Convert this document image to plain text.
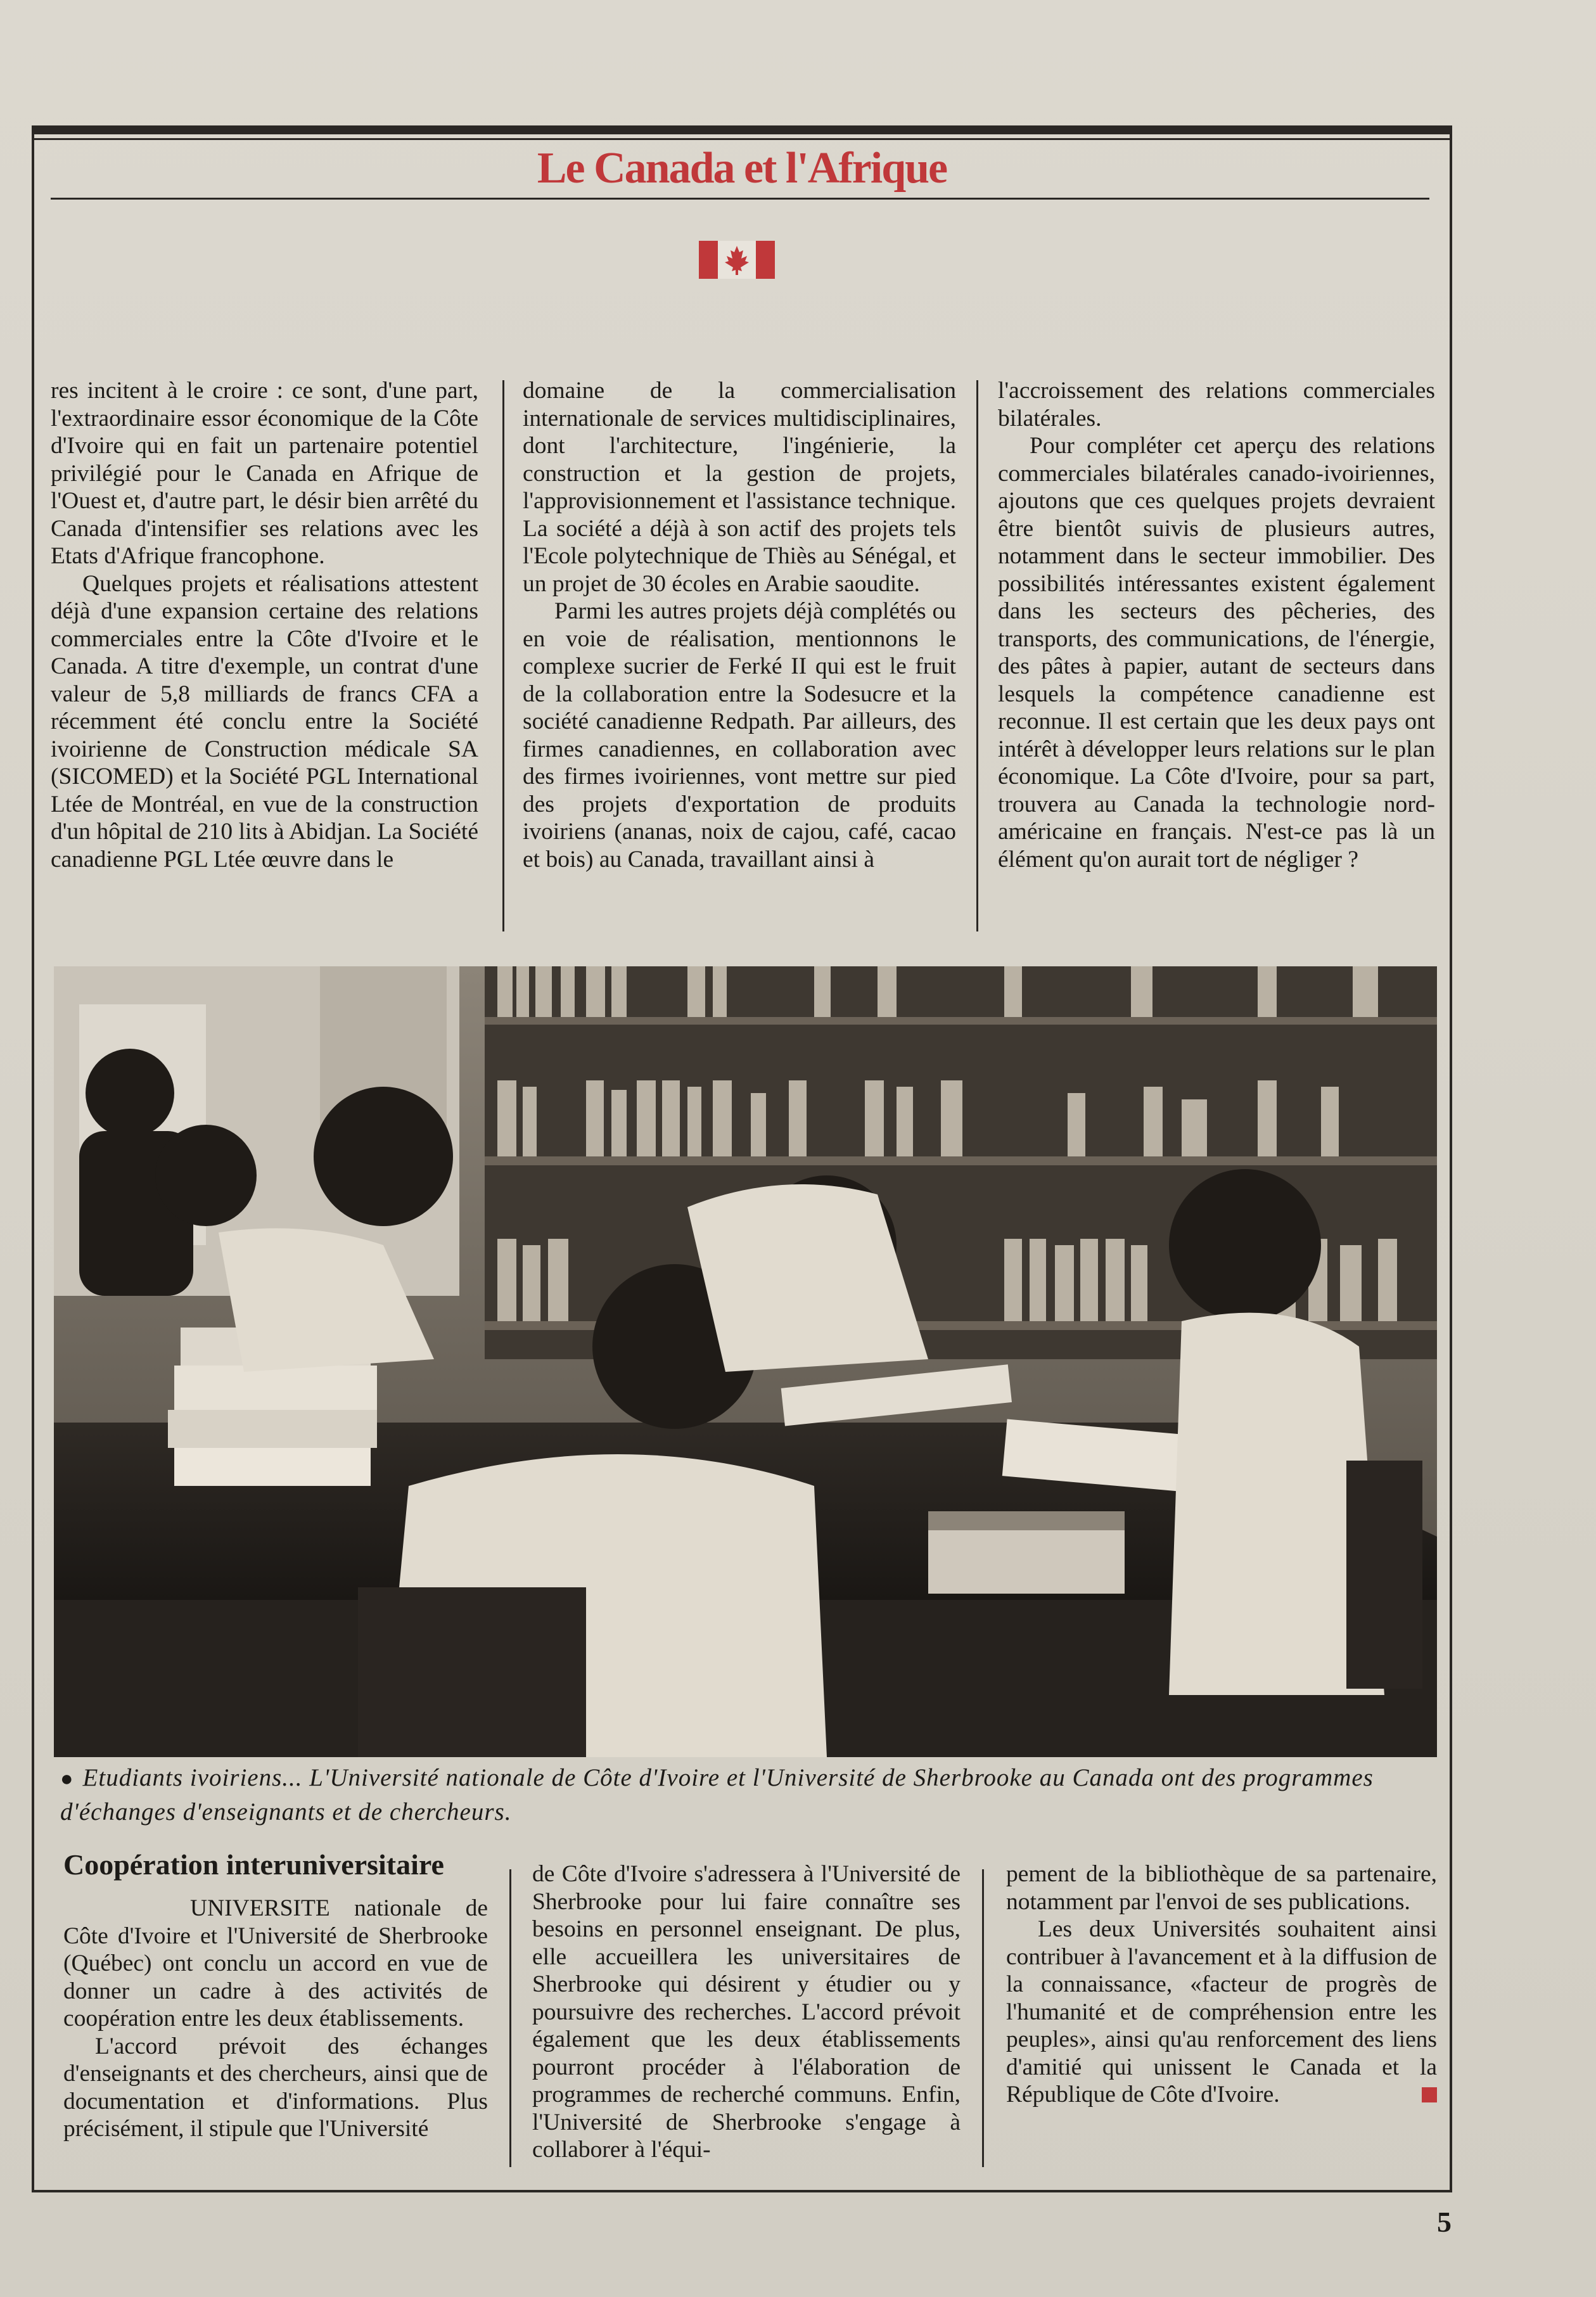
Le Canada et l'Afrique

res incitent à le croire : ce sont, d'une part, l'extraordinaire essor économique de la Côte d'Ivoire qui en fait un partenaire potentiel privilégié pour le Canada en Afrique de l'Ouest et, d'autre part, le désir bien arrêté du Canada d'intensifier ses relations avec les Etats d'Afrique francophone.

Quelques projets et réalisations attestent déjà d'une expansion certaine des relations commerciales entre la Côte d'Ivoire et le Canada. A titre d'exemple, un contrat d'une valeur de 5,8 milliards de francs CFA a récemment été conclu entre la Société ivoirienne de Construction médicale SA (SICOMED) et la Société PGL International Ltée de Montréal, en vue de la construction d'un hôpital de 210 lits à Abidjan. La Société canadienne PGL Ltée œuvre dans le

domaine de la commercialisation internationale de services multidisciplinaires, dont l'architecture, l'ingénierie, la construction et la gestion de projets, l'approvisionnement et l'assistance technique. La société a déjà à son actif des projets tels l'Ecole polytechnique de Thiès au Sénégal, et un projet de 30 écoles en Arabie saoudite.

Parmi les autres projets déjà complétés ou en voie de réalisation, mentionnons le complexe sucrier de Ferké II qui est le fruit de la collaboration entre la Sodesucre et la société canadienne Redpath. Par ailleurs, des firmes canadiennes, en collaboration avec des firmes ivoiriennes, vont mettre sur pied des projets d'exportation de produits ivoiriens (ananas, noix de cajou, café, cacao et bois) au Canada, travaillant ainsi à

l'accroissement des relations commerciales bilatérales.

Pour compléter cet aperçu des relations commerciales bilatérales canado-ivoiriennes, ajoutons que ces quelques projets devraient être bientôt suivis de plusieurs autres, notamment dans le secteur immobilier. Des possibilités intéressantes existent également dans les secteurs des pêcheries, des transports, des communications, de l'énergie, des pâtes à papier, autant de secteurs dans lesquels la compétence canadienne est reconnue. Il est certain que les deux pays ont intérêt à développer leurs relations sur le plan économique. La Côte d'Ivoire, pour sa part, trouvera au Canada la technologie nord-américaine en français. N'est-ce pas là un élément qu'on aurait tort de négliger ?

● Etudiants ivoiriens... L'Université nationale de Côte d'Ivoire et l'Université de Sherbrooke au Canada ont des programmes d'échanges d'enseignants et de chercheurs.
Coopération interuniversitaire

UNIVERSITE nationale de Côte d'Ivoire et l'Université de Sherbrooke (Québec) ont conclu un accord en vue de donner un cadre à des activités de coopération entre les deux établissements.

L'accord prévoit des échanges d'enseignants et des chercheurs, ainsi que de documentation et d'informations. Plus précisément, il stipule que l'Université

de Côte d'Ivoire s'adressera à l'Université de Sherbrooke pour lui faire connaître ses besoins en personnel enseignant. De plus, elle accueillera les universitaires de Sherbrooke qui désirent y étudier ou y poursuivre des recherches. L'accord prévoit également que les deux établissements pourront procéder à l'élaboration de programmes de recherché communs. Enfin, l'Université de Sherbrooke s'engage à collaborer à l'équi-

pement de la bibliothèque de sa partenaire, notamment par l'envoi de ses publications.

Les deux Universités souhaitent ainsi contribuer à l'avancement et à la diffusion de la connaissance, «facteur de progrès de l'humanité et de compréhension entre les peuples», ainsi qu'au renforcement des liens d'amitié qui unissent le Canada et la République de Côte d'Ivoire.

5
